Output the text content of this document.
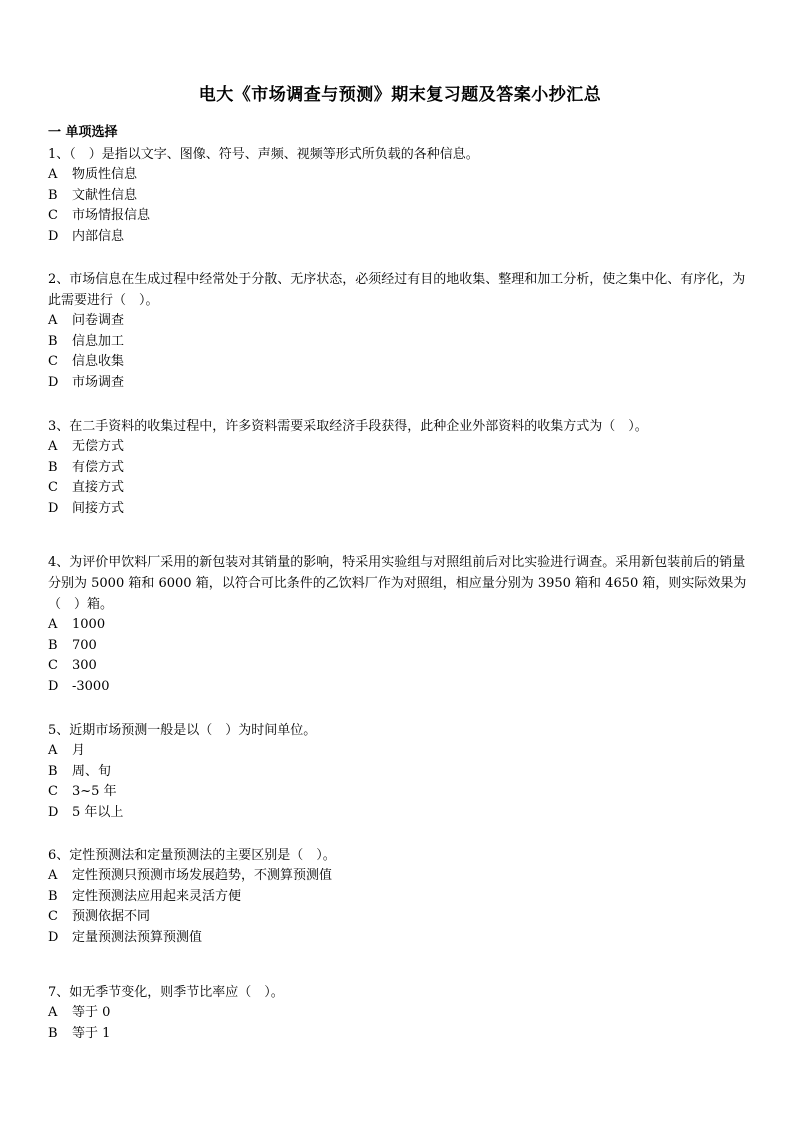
电大《市场调查与预测》期末复习题及答案小抄汇总
一 单项选择

1、（　）是指以文字、图像、符号、声频、视频等形式所负载的各种信息。

A	物质性信息
B	文献性信息
C	市场情报信息
D	内部信息

2、市场信息在生成过程中经常处于分散、无序状态，必须经过有目的地收集、整理和加工分析，使之集中化、有序化，为此需要进行（　）。

A	问卷调查
B	信息加工
C	信息收集
D	市场调查

3、在二手资料的收集过程中，许多资料需要采取经济手段获得，此种企业外部资料的收集方式为（　）。

A	无偿方式
B	有偿方式
C	直接方式
D	间接方式

4、为评价甲饮料厂采用的新包装对其销量的影响，特采用实验组与对照组前后对比实验进行调查。采用新包装前后的销量分别为 5000 箱和 6000 箱，以符合可比条件的乙饮料厂作为对照组，相应量分别为 3950 箱和 4650 箱，则实际效果为（　）箱。

A	1000
B	700
C	300
D	-3000

5、近期市场预测一般是以（　）为时间单位。

A	月
B	周、旬
C	3~5 年
D	5 年以上

6、定性预测法和定量预测法的主要区别是（　）。

A	定性预测只预测市场发展趋势，不测算预测值
B	定性预测法应用起来灵活方便
C	预测依据不同
D	定量预测法预算预测值

7、如无季节变化，则季节比率应（　）。

A	等于 0
B	等于 1
